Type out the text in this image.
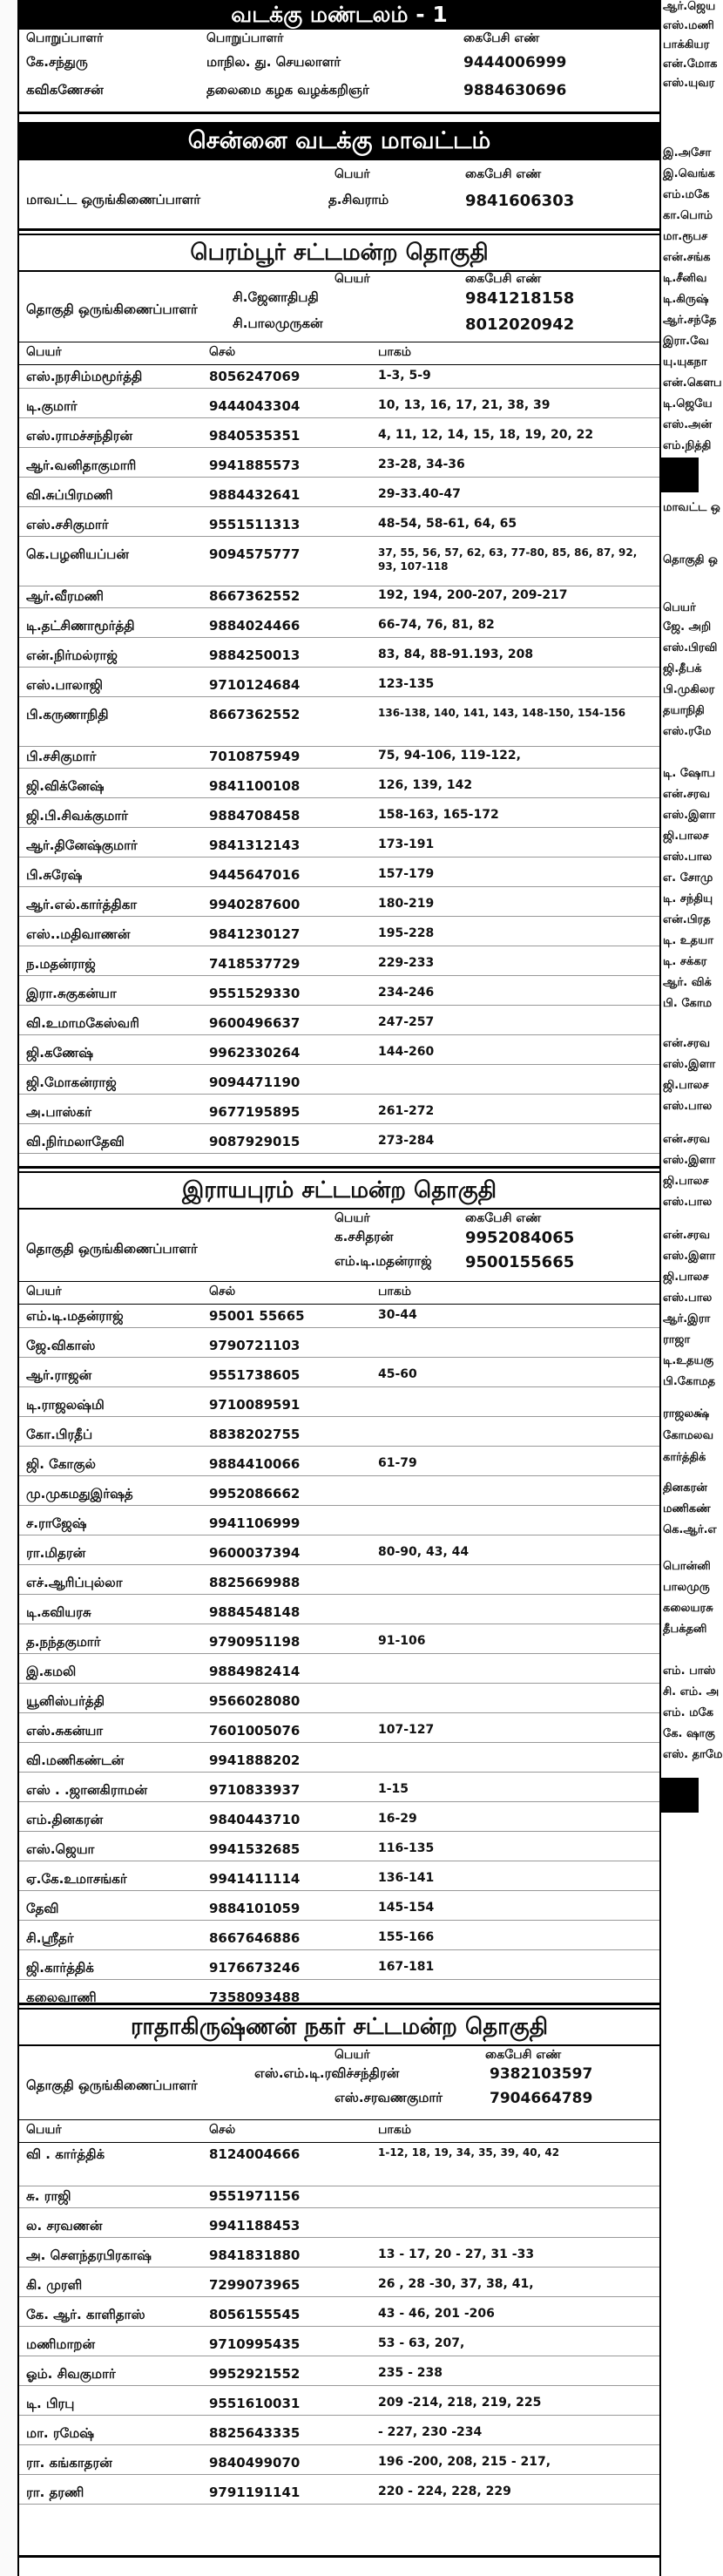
வடக்கு மண்டலம் - 1
பொறுப்பாளர்	பொறுப்பாளர்	கைபேசி எண்
கே.சந்துரு	மாநில. து. செயலாளர்	9444006999
கவிகணேசன்	தலைமை கழக வழக்கறிஞர்	9884630696
சென்னை வடக்கு மாவட்டம்
பெயர்	கைபேசி எண்
மாவட்ட ஒருங்கிணைப்பாளர்	த.சிவராம்	9841606303
பெரம்பூர் சட்டமன்ற தொகுதி
பெயர்	கைபேசி எண்
தொகுதி ஒருங்கிணைப்பாளர்
சி.ஜேனாதிபதி	9841218158
சி.பாலமுருகன்	8012020942
பெயர்	செல்	பாகம்
எஸ்.நரசிம்மமூர்த்தி	8056247069	1-3, 5-9
டி.குமார்	9444043304	10, 13, 16, 17, 21, 38, 39
எஸ்.ராமச்சந்திரன்	9840535351	4, 11, 12, 14, 15, 18, 19, 20, 22
ஆர்.வனிதாகுமாரி	9941885573	23-28, 34-36
வி.சுப்பிரமணி	9884432641	29-33.40-47
எஸ்.சசிகுமார்	9551511313	48-54, 58-61, 64, 65
கெ.பழனியப்பன்	9094575777	37, 55, 56, 57, 62, 63, 77-80, 85, 86, 87, 92, 93, 107-118
ஆர்.வீரமணி	8667362552	192, 194, 200-207, 209-217
டி.தட்சிணாமூர்த்தி	9884024466	66-74, 76, 81, 82
என்.நிர்மல்ராஜ்	9884250013	83, 84, 88-91.193, 208
எஸ்.பாலாஜி	9710124684	123-135
பி.கருணாநிதி	8667362552	136-138, 140, 141, 143, 148-150, 154-156
பி.சசிகுமார்	7010875949	75, 94-106, 119-122,
ஜி.விக்னேஷ்	9841100108	126, 139, 142
ஜி.பி.சிவக்குமார்	9884708458	158-163, 165-172
ஆர்.தினேஷ்குமார்	9841312143	173-191
பி.சுரேஷ்	9445647016	157-179
ஆர்.எல்.கார்த்திகா	9940287600	180-219
எஸ்..மதிவாணன்	9841230127	195-228
ந.மதன்ராஜ்	7418537729	229-233
இரா.சுகுகன்யா	9551529330	234-246
வி.உமாமகேஸ்வரி	9600496637	247-257
ஜி.கணேஷ்	9962330264	144-260
ஜி.மோகன்ராஜ்	9094471190
அ.பாஸ்கர்	9677195895	261-272
வி.நிர்மலாதேவி	9087929015	273-284
இராயபுரம் சட்டமன்ற தொகுதி
பெயர்	கைபேசி எண்
தொகுதி ஒருங்கிணைப்பாளர்
க.சசிதரன்	9952084065
எம்.டி.மதன்ராஜ் 9500155665
பெயர்	செல்	பாகம்
எம்.டி.மதன்ராஜ்	95001 55665	30-44
ஜே.விகாஸ்	9790721103
ஆர்.ராஜன்	9551738605	45-60
டி.ராஜலஷ்மி	9710089591
கோ.பிரதீப்	8838202755
ஜி. கோகுல்	9884410066	61-79
மு.முகமதுஇர்ஷத்	9952086662
ச.ராஜேஷ்	9941106999
ரா.மிதரன்	9600037394	80-90, 43, 44
எச்.ஆரிப்புல்லா	8825669988
டி.கவியரசு	9884548148
த.நந்தகுமார்	9790951198	91-106
இ.கமலி	9884982414
யூனிஸ்பர்த்தி	9566028080
எஸ்.சுகன்யா	7601005076	107-127
வி.மணிகண்டன்	9941888202
எஸ் . .ஜானகிராமன்	9710833937	1-15
எம்.தினகரன்	9840443710	16-29
எஸ்.ஜெயா	9941532685	116-135
ஏ.கே.உமாசங்கர்	9941411114	136-141
தேவி	9884101059	145-154
சி.ஸ்ரீதர்	8667646886	155-166
ஜி.கார்த்திக்	9176673246	167-181
கலைவாணி	7358093488
ராதாகிருஷ்ணன் நகர் சட்டமன்ற தொகுதி
பெயர்	கைபேசி எண்
தொகுதி ஒருங்கிணைப்பாளர்
எஸ்.எம்.டி.ரவிச்சந்திரன்	9382103597
எஸ்.சரவணகுமார்	7904664789
பெயர்	செல்	பாகம்
வி . கார்த்திக்	8124004666	1-12, 18, 19, 34, 35, 39, 40, 42
சு. ராஜி	9551971156
ல. சரவணன்	9941188453
அ. சௌந்தரபிரகாஷ்	9841831880	13 - 17, 20 - 27, 31 -33
கி. முரளி	7299073965	26 , 28 -30, 37, 38, 41,
கே. ஆர். காளிதாஸ்	8056155545	43 - 46, 201 -206
மணிமாறன்	9710995435	53 - 63, 207,
ஓம். சிவகுமார்	9952921552	235 - 238
டி. பிரபு	9551610031	209 -214, 218, 219, 225
மா. ரமேஷ்	8825643335	- 227, 230 -234
ரா. கங்காதரன்	9840499070	196 -200, 208, 215 - 217,
ரா. தரணி	9791191141	220 - 224, 228, 229
ஆர்.ஜெய
எஸ்.மணி
பாக்கியர
என்.மோக
எஸ்.யுவர
இ.அசோ
இ.வெங்க
எம்.மகே
கா.பொம்
மா.ரூபச
என்.சங்க
டி.சீனிவ
டி.கிருஷ்
ஆர்.சந்தே
இரா.வே
யு.யுகநா
என்.கௌப
டி.ஜெயே
எஸ்.அன்
எம்.நித்தி
மாவட்ட ஒ
தொகுதி ஒ
பெயர்
ஜே. அறி
எஸ்.பிரவி
ஜி.தீபக்
பி.முகிலர
தயாநிதி
எஸ்.ரமே
டி. ஷோப
என்.சரவ
எஸ்.இளா
ஜி.பாலச
எஸ்.பால
எ. சோமு
டி. சந்தியு
என்.பிரத
டி. உதயா
டி. சக்கர
ஆர். விக்
பி. கோம
என்.சரவ
எஸ்.இளா
ஜி.பாலச
எஸ்.பால
என்.சரவ
எஸ்.இளா
ஜி.பாலச
எஸ்.பால
என்.சரவ
எஸ்.இளா
ஜி.பாலச
எஸ்.பால
ஆர்.இரா
ராஜா
டி.உதயகு
பி.கோமத
ராஜலக்ஷ்
கோமலவ
கார்த்திக்
தினகரன்
மணிகண்
கெ.ஆர்.எ
பொன்னி
பாலமுரு
கலையரசு
தீபக்தனி
எம். பாஸ்
சி. எம். அ
எம். மகே
கே. ஷாகு
எஸ். தாமே
